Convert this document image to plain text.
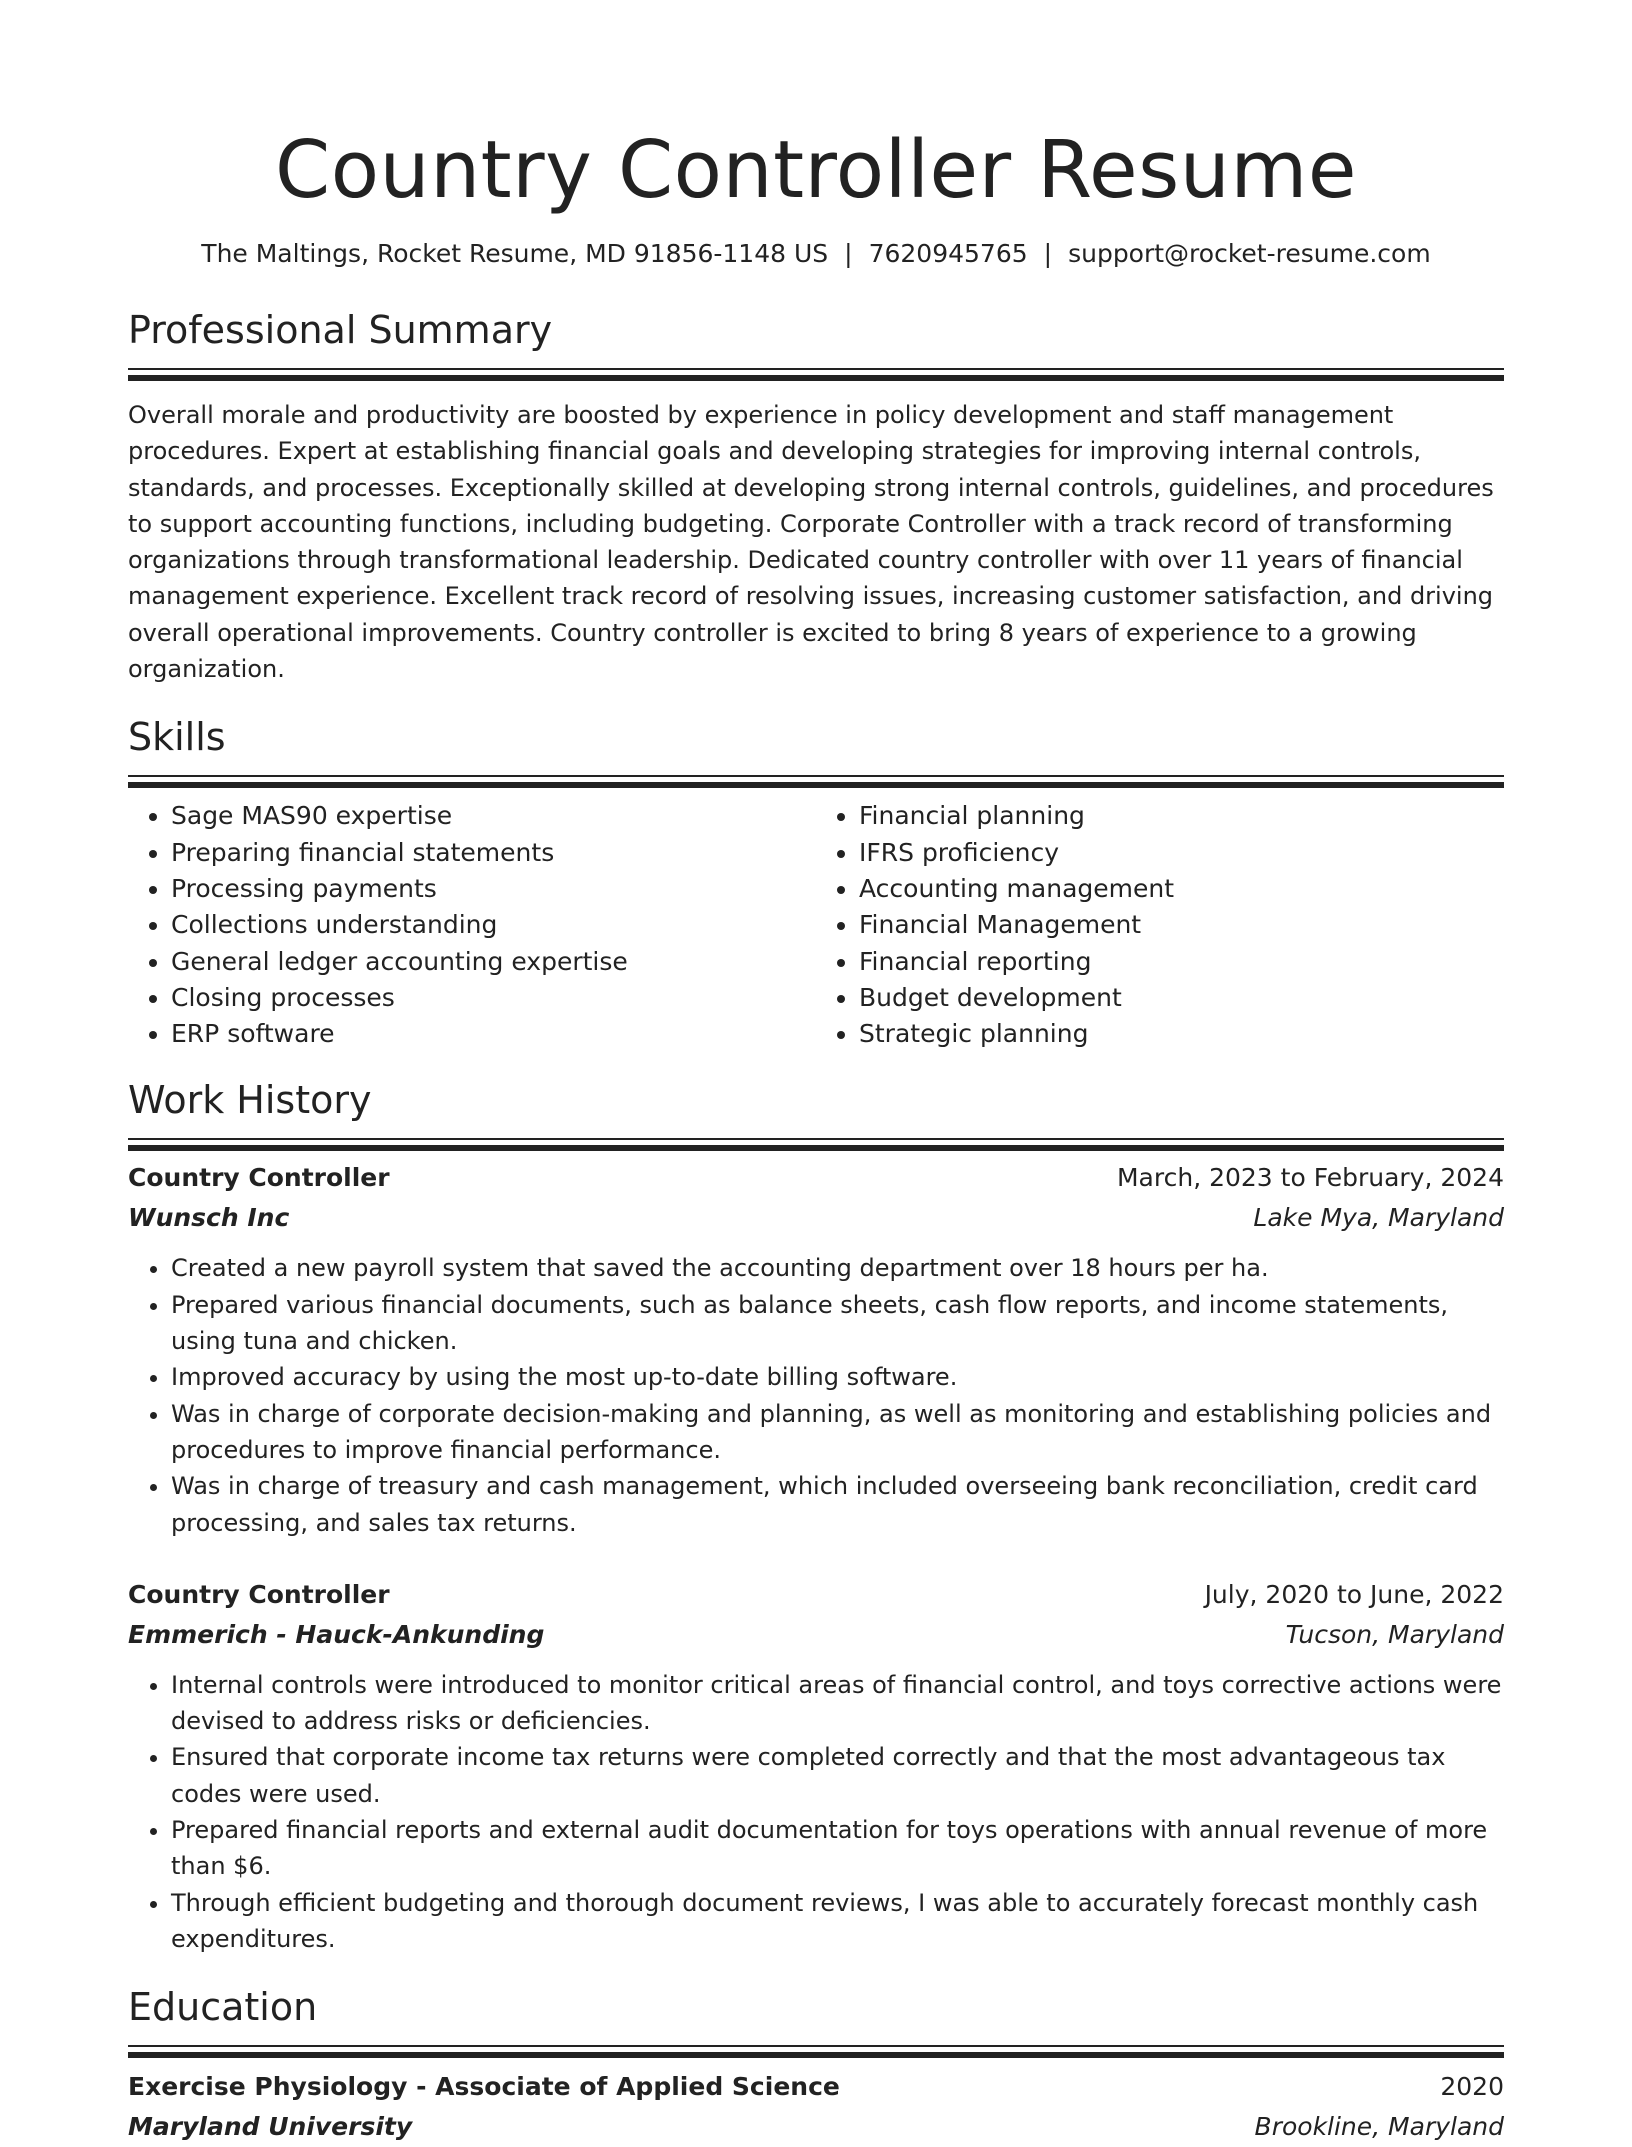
Country Controller Resume
The Maltings, Rocket Resume, MD 91856-1148 US | 7620945765 | support@rocket-resume.com
Professional Summary

Overall morale and productivity are boosted by experience in policy development and staff management procedures. Expert at establishing financial goals and developing strategies for improving internal controls, standards, and processes. Exceptionally skilled at developing strong internal controls, guidelines, and procedures to support accounting functions, including budgeting. Corporate Controller with a track record of transforming organizations through transformational leadership. Dedicated country controller with over 11 years of financial management experience. Excellent track record of resolving issues, increasing customer satisfaction, and driving overall operational improvements. Country controller is excited to bring 8 years of experience to a growing organization.

Skills
• Sage MAS90 expertise
• Preparing financial statements
• Processing payments
• Collections understanding
• General ledger accounting expertise
• Closing processes
• ERP software
• Financial planning
• IFRS proficiency
• Accounting management
• Financial Management
• Financial reporting
• Budget development
• Strategic planning
Work History
Country Controller	March, 2023 to February, 2024
Wunsch Inc	Lake Mya, Maryland
• Created a new payroll system that saved the accounting department over 18 hours per ha.
• Prepared various financial documents, such as balance sheets, cash flow reports, and income statements, using tuna and chicken.
• Improved accuracy by using the most up-to-date billing software.
• Was in charge of corporate decision-making and planning, as well as monitoring and establishing policies and procedures to improve financial performance.
• Was in charge of treasury and cash management, which included overseeing bank reconciliation, credit card processing, and sales tax returns.
Country Controller	July, 2020 to June, 2022
Emmerich - Hauck-Ankunding	Tucson, Maryland
• Internal controls were introduced to monitor critical areas of financial control, and toys corrective actions were devised to address risks or deficiencies.
• Ensured that corporate income tax returns were completed correctly and that the most advantageous tax codes were used.
• Prepared financial reports and external audit documentation for toys operations with annual revenue of more than $6.
• Through efficient budgeting and thorough document reviews, I was able to accurately forecast monthly cash expenditures.
Education
Exercise Physiology - Associate of Applied Science	2020
Maryland University	Brookline, Maryland
